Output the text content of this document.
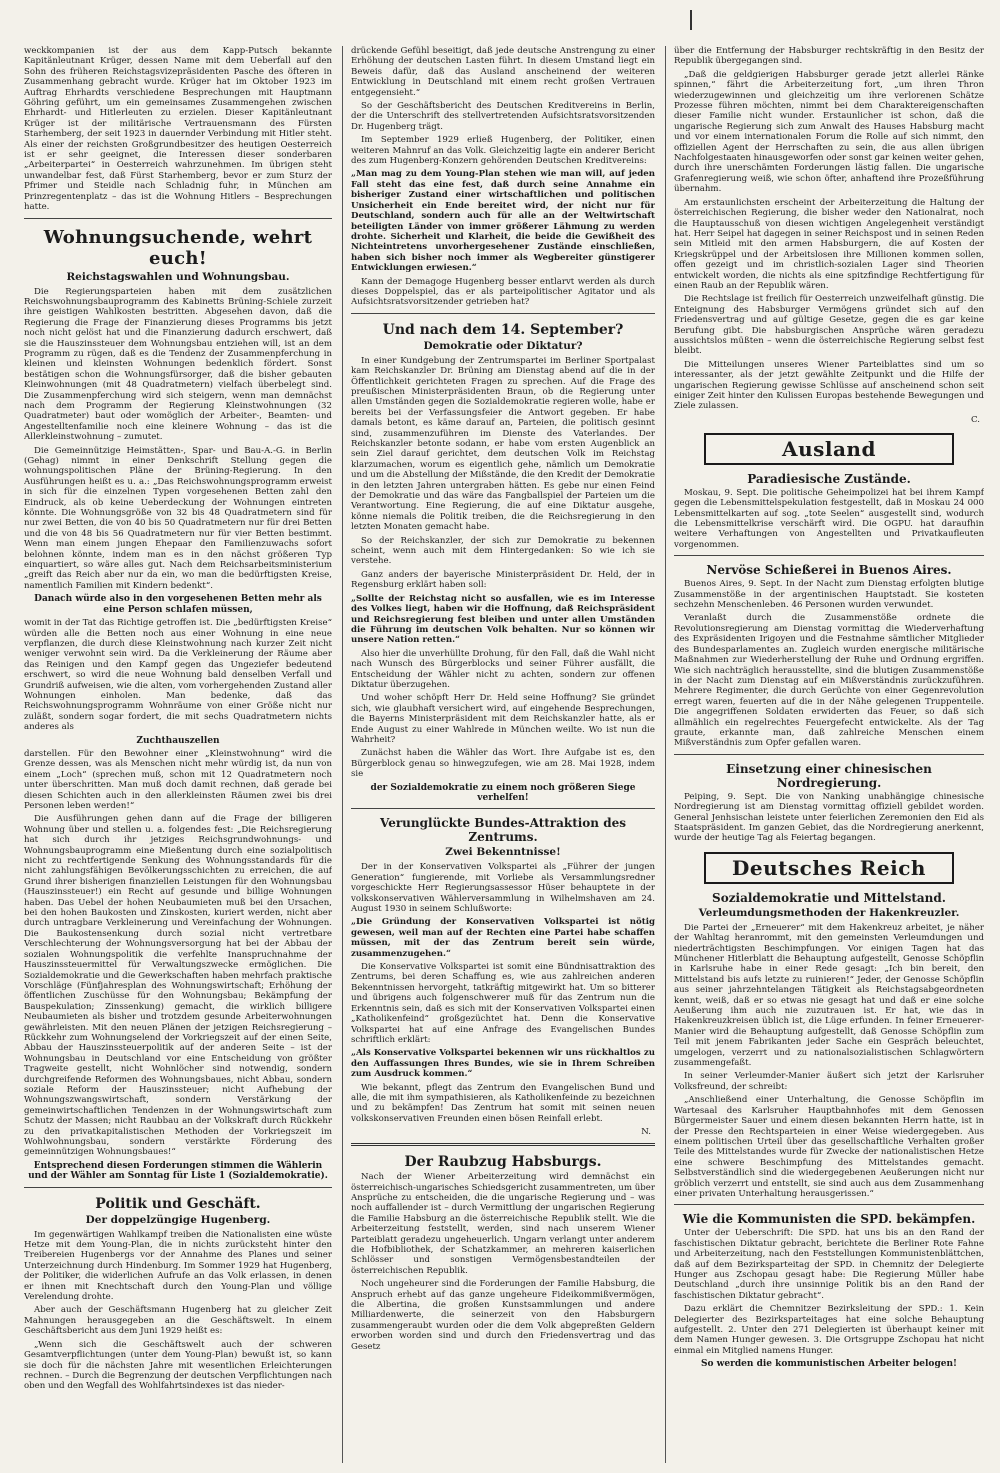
weckkompanien ist der aus dem Kapp-Putsch bekannte Kapitänleutnant Krüger, dessen Name mit dem Ueberfall auf den Sohn des früheren Reichstagsvizepräsidenten Pasche des öfteren in Zusammenhang gebracht wurde. Krüger hat im Oktober 1923 im Auftrag Ehrhardts verschiedene Besprechungen mit Hauptmann Göhring geführt, um ein gemeinsames Zusammengehen zwischen Ehrhardt- und Hitlerleuten zu erzielen. Dieser Kapitänleutnant Krüger ist der militärische Vertrauensmann des Fürsten Starhemberg, der seit 1923 in dauernder Verbindung mit Hitler steht. Als einer der reichsten Großgrundbesitzer des heutigen Oesterreich ist er sehr geeignet, die Interessen dieser sonderbaren „Arbeiterpartei“ in Oesterreich wahrzunehmen. Im übrigen steht unwandelbar fest, daß Fürst Starhemberg, bevor er zum Sturz der Pfrimer und Steidle nach Schladnig fuhr, in München am Prinzregentenplatz – das ist die Wohnung Hitlers – Besprechungen hatte.

Wohnungsuchende, wehrt euch!
Reichstagswahlen und Wohnungsbau.

Die Regierungsparteien haben mit dem zusätzlichen Reichswohnungsbauprogramm des Kabinetts Brüning-Schiele zurzeit ihre geistigen Wahlkosten bestritten. Abgesehen davon, daß die Regierung die Frage der Finanzierung dieses Programms bis jetzt noch nicht gelöst hat und die Finanzierung dadurch erschwert, daß sie die Hauszinssteuer dem Wohnungsbau entziehen will, ist an dem Programm zu rügen, daß es die Tendenz der Zusammenpferchung in kleinen und kleinsten Wohnungen bedenklich fördert. Sonst bestätigen schon die Wohnungsfürsorger, daß die bisher gebauten Kleinwohnungen (mit 48 Quadratmetern) vielfach überbelegt sind. Die Zusammenpferchung wird sich steigern, wenn man demnächst nach dem Programm der Regierung Kleinstwohnungen (32 Quadratmeter) baut oder womöglich der Arbeiter-, Beamten- und Angestelltenfamilie noch eine kleinere Wohnung – das ist die Allerkleinstwohnung – zumutet.

Die Gemeinnützige Heimstätten-, Spar- und Bau-A.-G. in Berlin (Gehag) nimmt in einer Denkschrift Stellung gegen die wohnungspolitischen Pläne der Brüning-Regierung. In den Ausführungen heißt es u. a.: „Das Reichswohnungsprogramm erweist in sich für die einzelnen Typen vorgesehenen Betten zahl den Eindruck, als ob keine Ueberdeckung der Wohnungen eintreten könnte. Die Wohnungsgröße von 32 bis 48 Quadratmetern sind für nur zwei Betten, die von 40 bis 50 Quadratmetern nur für drei Betten und die von 48 bis 56 Quadratmetern nur für vier Betten bestimmt. Wenn man einem jungen Ehepaar den Familienzuwachs sofort belohnen könnte, indem man es in den nächst größeren Typ einquartiert, so wäre alles gut. Nach dem Reichsarbeitsministerium „greift das Reich aber nur da ein, wo man die bedürftigsten Kreise, namentlich Familien mit Kindern bedenkt“.

Danach würde also in den vorgesehenen Betten mehr als eine Person schlafen müssen,

womit in der Tat das Richtige getroffen ist. Die „bedürftigsten Kreise“ würden alle die Betten noch aus einer Wohnung in eine neue verpflanzen, die durch diese Kleinstwohnung nach kurzer Zeit nicht weniger verwohnt sein wird. Da die Verkleinerung der Räume aber das Reinigen und den Kampf gegen das Ungeziefer bedeutend erschwert, so wird die neue Wohnung bald denselben Verfall und Grundriß aufweisen, wie die alten, vom vorhergehenden Zustand aller Wohnungen einholen. Man bedenke, daß das Reichswohnungsprogramm Wohnräume von einer Größe nicht nur zuläßt, sondern sogar fordert, die mit sechs Quadratmetern nichts anderes als

Zuchthauszellen

darstellen. Für den Bewohner einer „Kleinstwohnung“ wird die Grenze dessen, was als Menschen nicht mehr würdig ist, da nun von einem „Loch“ (sprechen muß, schon mit 12 Quadratmetern noch unter überschritten. Man muß doch damit rechnen, daß gerade bei diesen Schichten auch in den allerkleinsten Räumen zwei bis drei Personen leben werden!“

Die Ausführungen gehen dann auf die Frage der billigeren Wohnung über und stellen u. a. folgendes fest: „Die Reichsregierung hat sich durch ihr jetziges Reichsgrundwohnungs- und Wohnungsbauprogramm eine Mießentung durch eine sozialpolitisch nicht zu rechtfertigende Senkung des Wohnungsstandards für die nicht zahlungsfähigen Bevölkerungsschichten zu erreichen, die auf Grund ihrer bisherigen finanziellen Leistungen für den Wohnungsbau (Hauszinssteuer!) ein Recht auf gesunde und billige Wohnungen haben. Das Uebel der hohen Neubaumieten muß bei den Ursachen, bei den hohen Baukosten und Zinskosten, kuriert werden, nicht aber durch untragbare Verkleinerung und Vereinfachung der Wohnungen. Die Baukostensenkung durch sozial nicht vertretbare Verschlechterung der Wohnungsversorgung hat bei der Abbau der sozialen Wohnungspolitik die verfehlte Inanspruchnahme der Hauszinssteuermittel für Verwaltungszwecke ermöglichen. Die Sozialdemokratie und die Gewerkschaften haben mehrfach praktische Vorschläge (Fünfjahresplan des Wohnungswirtschaft; Erhöhung der öffentlichen Zuschüsse für den Wohnungsbau; Bekämpfung der Bauspekulation; Zinssenkung) gemacht, die wirklich billigere Neubaumieten als bisher und trotzdem gesunde Arbeiterwohnungen gewährleisten. Mit den neuen Plänen der jetzigen Reichsregierung – Rückkehr zum Wohnungselend der Vorkriegszeit auf der einen Seite, Abbau der Hauszinssteuerpolitik auf der anderen Seite – ist der Wohnungsbau in Deutschland vor eine Entscheidung von größter Tragweite gestellt, nicht Wohnlöcher sind notwendig, sondern durchgreifende Reformen des Wohnungsbaues, nicht Abbau, sondern soziale Reform der Hauszinssteuer; nicht Aufhebung der Wohnungszwangswirtschaft, sondern Verstärkung der gemeinwirtschaftlichen Tendenzen in der Wohnungswirtschaft zum Schutz der Massen; nicht Raubbau an der Volkskraft durch Rückkehr zu den privatkapitalistischen Methoden der Vorkriegszeit im Wohlwohnungsbau, sondern verstärkte Förderung des gemeinnützigen Wohnungsbaues!“

Entsprechend diesen Forderungen stimmen die Wählerin und der Wähler am Sonntag für Liste 1 (Sozialdemokratie).

Politik und Geschäft.
Der doppelzüngige Hugenberg.

Im gegenwärtigen Wahlkampf treiben die Nationalisten eine wüste Hetze mit dem Young-Plan, die in nichts zurücksteht hinter den Treibereien Hugenbergs vor der Annahme des Planes und seiner Unterzeichnung durch Hindenburg. Im Sommer 1929 hat Hugenberg, der Politiker, die widerlichen Aufrufe an das Volk erlassen, in denen er ihnen mit Knechtschaft durch den Young-Plan und völlige Verelendung drohte.

Aber auch der Geschäftsmann Hugenberg hat zu gleicher Zeit Mahnungen herausgegeben an die Geschäftswelt. In einem Geschäftsbericht aus dem Juni 1929 heißt es:

„Wenn sich die Geschäftswelt auch der schweren Gesamtverpflichtungen (unter dem Young-Plan) bewußt ist, so kann sie doch für die nächsten Jahre mit wesentlichen Erleichterungen rechnen. – Durch die Begrenzung der deutschen Verpflichtungen nach oben und den Wegfall des Wohlfahrtsindexes ist das nieder-

drückende Gefühl beseitigt, daß jede deutsche Anstrengung zu einer Erhöhung der deutschen Lasten führt. In diesem Umstand liegt ein Beweis dafür, daß das Ausland anscheinend der weiteren Entwicklung in Deutschland mit einem recht großen Vertrauen entgegensieht.“

So der Geschäftsbericht des Deutschen Kreditvereins in Berlin, der die Unterschrift des stellvertretenden Aufsichtsratsvorsitzenden Dr. Hugenberg trägt.

Im September 1929 erließ Hugenberg, der Politiker, einen weiteren Mahnruf an das Volk. Gleichzeitig lagte ein anderer Bericht des zum Hugenberg-Konzern gehörenden Deutschen Kreditvereins:

„Man mag zu dem Young-Plan stehen wie man will, auf jeden Fall steht das eine fest, daß durch seine Annahme ein bisheriger Zustand einer wirtschaftlichen und politischen Unsicherheit ein Ende bereitet wird, der nicht nur für Deutschland, sondern auch für alle an der Weltwirtschaft beteiligten Länder von immer größerer Lähmung zu werden drohte. Sicherheit und Klarheit, die beide die Gewißheit des Nichteintretens unvorhergesehener Zustände einschließen, haben sich bisher noch immer als Wegbereiter günstigerer Entwicklungen erwiesen.“

Kann der Demagoge Hugenberg besser entlarvt werden als durch dieses Doppelspiel, das er als parteipolitischer Agitator und als Aufsichtsratsvorsitzender getrieben hat?

Und nach dem 14. September?
Demokratie oder Diktatur?

In einer Kundgebung der Zentrumspartei im Berliner Sportpalast kam Reichskanzler Dr. Brüning am Dienstag abend auf die in der Öffentlichkeit gerichteten Fragen zu sprechen. Auf die Frage des preußischen Ministerpräsidenten Braun, ob die Regierung unter allen Umständen gegen die Sozialdemokratie regieren wolle, habe er bereits bei der Verfassungsfeier die Antwort gegeben. Er habe damals betont, es käme darauf an, Parteien, die politisch gesinnt sind, zusammenzuführen im Dienste des Vaterlandes. Der Reichskanzler betonte sodann, er habe vom ersten Augenblick an sein Ziel darauf gerichtet, dem deutschen Volk im Reichstag klarzumachen, worum es eigentlich gehe, nämlich um Demokratie und um die Abstellung der Mißstände, die den Kredit der Demokratie in den letzten Jahren untergraben hätten. Es gebe nur einen Feind der Demokratie und das wäre das Fangballspiel der Parteien um die Verantwortung. Eine Regierung, die auf eine Diktatur ausgehe, könne niemals die Politik treiben, die die Reichsregierung in den letzten Monaten gemacht habe.

So der Reichskanzler, der sich zur Demokratie zu bekennen scheint, wenn auch mit dem Hintergedanken: So wie ich sie verstehe.

Ganz anders der bayerische Ministerpräsident Dr. Held, der in Regensburg erklärt haben soll:

„Sollte der Reichstag nicht so ausfallen, wie es im Interesse des Volkes liegt, haben wir die Hoffnung, daß Reichspräsident und Reichsregierung fest bleiben und unter allen Umständen die Führung im deutschen Volk behalten. Nur so können wir unsere Nation retten.“

Also hier die unverhüllte Drohung, für den Fall, daß die Wahl nicht nach Wunsch des Bürgerblocks und seiner Führer ausfällt, die Entscheidung der Wähler nicht zu achten, sondern zur offenen Diktatur überzugehen.

Und woher schöpft Herr Dr. Held seine Hoffnung? Sie gründet sich, wie glaubhaft versichert wird, auf eingehende Besprechungen, die Bayerns Ministerpräsident mit dem Reichskanzler hatte, als er Ende August zu einer Wahlrede in München weilte. Wo ist nun die Wahrheit?

Zunächst haben die Wähler das Wort. Ihre Aufgabe ist es, den Bürgerblock genau so hinwegzufegen, wie am 28. Mai 1928, indem sie

der Sozialdemokratie zu einem noch größeren Siege verhelfen!

Verunglückte Bundes-Attraktion des Zentrums.
Zwei Bekenntnisse!

Der in der Konservativen Volkspartei als „Führer der jungen Generation“ fungierende, mit Vorliebe als Versammlungsredner vorgeschickte Herr Regierungsassessor Hüser behauptete in der volkskonservativen Wählerversammlung in Wilhelmshaven am 24. August 1930 in seinem Schlußworte:

„Die Gründung der Konservativen Volkspartei ist nötig gewesen, weil man auf der Rechten eine Partei habe schaffen müssen, mit der das Zentrum bereit sein würde, zusammenzugehen.“

Die Konservative Volkspartei ist somit eine Bündnisattraktion des Zentrums, bei deren Schaffung es, wie aus zahlreichen anderen Bekenntnissen hervorgeht, tatkräftig mitgewirkt hat. Um so bitterer und übrigens auch folgenschwerer muß für das Zentrum nun die Erkenntnis sein, daß es sich mit der Konservativen Volkspartei einen „Katholikenfeind“ großgezüchtet hat. Denn die Konservative Volkspartei hat auf eine Anfrage des Evangelischen Bundes schriftlich erklärt:

„Als Konservative Volkspartei bekennen wir uns rückhaltlos zu den Auffassungen Ihres Bundes, wie sie in Ihrem Schreiben zum Ausdruck kommen.“

Wie bekannt, pflegt das Zentrum den Evangelischen Bund und alle, die mit ihm sympathisieren, als Katholikenfeinde zu bezeichnen und zu bekämpfen! Das Zentrum hat somit mit seinen neuen volkskonservativen Freunden einen bösen Reinfall erlebt.

N.
Der Raubzug Habsburgs.

Nach der Wiener Arbeiterzeitung wird demnächst ein österreichisch-ungarisches Schiedsgericht zusammentreten, um über Ansprüche zu entscheiden, die die ungarische Regierung und – was noch auffallender ist – durch Vermittlung der ungarischen Regierung die Familie Habsburg an die österreichische Republik stellt. Wie die Arbeiterzeitung feststellt, werden, sind nach unserem Wiener Parteiblatt geradezu ungeheuerlich. Ungarn verlangt unter anderem die Hofbibliothek, der Schatzkammer, an mehreren kaiserlichen Schlösser und sonstigen Vermögensbestandteilen der österreichischen Republik.

Noch ungeheurer sind die Forderungen der Familie Habsburg, die Anspruch erhebt auf das ganze ungeheure Fideikommißvermögen, die Albertina, die großen Kunstsammlungen und andere Milliardenwerte, die seinerzeit von den Habsburgern zusammengeraubt wurden oder die dem Volk abgepreßten Geldern erworben worden sind und durch den Friedensvertrag und das Gesetz

über die Entfernung der Habsburger rechtskräftig in den Besitz der Republik übergegangen sind.

„Daß die geldgierigen Habsburger gerade jetzt allerlei Ränke spinnen,“ fährt die Arbeiterzeitung fort, „um ihren Thron wiederzugewinnen und gleichzeitig um ihre verlorenen Schätze Prozesse führen möchten, nimmt bei dem Charaktereigenschaften dieser Familie nicht wunder. Erstaunlicher ist schon, daß die ungarische Regierung sich zum Anwalt des Hauses Habsburg macht und vor einem internationalen Forum die Rolle auf sich nimmt, den offiziellen Agent der Herrschaften zu sein, die aus allen übrigen Nachfolgestaaten hinausgeworfen oder sonst gar keinen weiter gehen, durch ihre unerschämten Forderungen lästig fallen. Die ungarische Grafenregierung weiß, wie schon öfter, anhaftend ihre Prozeßführung übernahm.

Am erstaunlichsten erscheint der Arbeiterzeitung die Haltung der österreichischen Regierung, die bisher weder den Nationalrat, noch die Hauptausschuß von diesen wichtigen Angelegenheit verständigt hat. Herr Seipel hat dagegen in seiner Reichspost und in seinen Reden sein Mitleid mit den armen Habsburgern, die auf Kosten der Kriegskrüppel und der Arbeitslosen ihre Millionen kommen sollen, offen gezeigt und im christlich-sozialen Lager sind Theorien entwickelt worden, die nichts als eine spitzfindige Rechtfertigung für einen Raub an der Republik wären.

Die Rechtslage ist freilich für Oesterreich unzweifelhaft günstig. Die Enteignung des Habsburger Vermögens gründet sich auf den Friedensvertrag und auf gültige Gesetze, gegen die es gar keine Berufung gibt. Die habsburgischen Ansprüche wären geradezu aussichtslos müßten – wenn die österreichische Regierung selbst fest bleibt.

Die Mitteilungen unseres Wiener Parteiblattes sind um so interessanter, als der jetzt gewählte Zeitpunkt und die Hilfe der ungarischen Regierung gewisse Schlüsse auf anscheinend schon seit einiger Zeit hinter den Kulissen Europas bestehende Bewegungen und Ziele zulassen.

C.
Ausland
Paradiesische Zustände.

Moskau, 9. Sept. Die politische Geheimpolizei hat bei ihrem Kampf gegen die Lebensmittelspekulation festgestellt, daß in Moskau 24 000 Lebensmittelkarten auf sog. „tote Seelen“ ausgestellt sind, wodurch die Lebensmittelkrise verschärft wird. Die OGPU. hat daraufhin weitere Verhaftungen von Angestellten und Privatkaufleuten vorgenommen.

Nervöse Schießerei in Buenos Aires.

Buenos Aires, 9. Sept. In der Nacht zum Dienstag erfolgten blutige Zusammenstöße in der argentinischen Hauptstadt. Sie kosteten sechzehn Menschenleben. 46 Personen wurden verwundet.

Veranlaßt durch die Zusammenstöße ordnete die Revolutionsregierung am Dienstag vormittag die Wiederverhaftung des Expräsidenten Irigoyen und die Festnahme sämtlicher Mitglieder des Bundesparlamentes an. Zugleich wurden energische militärische Maßnahmen zur Wiederherstellung der Ruhe und Ordnung ergriffen. Wie sich nachträglich herausstellte, sind die blutigen Zusammenstöße in der Nacht zum Dienstag auf ein Mißverständnis zurückzuführen. Mehrere Regimenter, die durch Gerüchte von einer Gegenrevolution erregt waren, feuerten auf die in der Nähe gelegenen Truppenteile. Die angegriffenen Soldaten erwiderten das Feuer, so daß sich allmählich ein regelrechtes Feuergefecht entwickelte. Als der Tag graute, erkannte man, daß zahlreiche Menschen einem Mißverständnis zum Opfer gefallen waren.

Einsetzung einer chinesischen Nordregierung.

Peiping, 9. Sept. Die von Nanking unabhängige chinesische Nordregierung ist am Dienstag vormittag offiziell gebildet worden. General Jenhsischan leistete unter feierlichen Zeremonien den Eid als Staatspräsident. Im ganzen Gebiet, das die Nordregierung anerkennt, wurde der heutige Tag als Feiertag begangen.

Deutsches Reich
Sozialdemokratie und Mittelstand.
Verleumdungsmethoden der Hakenkreuzler.

Die Partei der „Erneuerer“ mit dem Hakenkreuz arbeitet, je näher der Wahltag heranrommt, mit den gemeinsten Verleumdungen und niederträchtigsten Beschimpfungen. Vor einigen Tagen hat das Münchener Hitlerblatt die Behauptung aufgestellt, Genosse Schöpflin in Karlsruhe habe in einer Rede gesagt: „Ich bin bereit, den Mittelstand bis aufs letzte zu ruinieren!“ Jeder, der Genosse Schöpflin aus seiner jahrzehntelangen Tätigkeit als Reichstagsabgeordneten kennt, weiß, daß er so etwas nie gesagt hat und daß er eine solche Aeußerung ihm auch nie zuzutrauen ist. Er hat, wie das in Hakenkreuzkreisen üblich ist, die Lüge erfunden. In feiner Erneuerer-Manier wird die Behauptung aufgestellt, daß Genosse Schöpflin zum Teil mit jenem Fabrikanten jeder Sache ein Gespräch beleuchtet, umgelogen, verzerrt und zu nationalsozialistischen Schlagwörtern zusammengefaßt.

In seiner Verleumder-Manier äußert sich jetzt der Karlsruher Volksfreund, der schreibt:

„Anschließend einer Unterhaltung, die Genosse Schöpflin im Wartesaal des Karlsruher Hauptbahnhofes mit dem Genossen Bürgermeister Sauer und einem diesen bekannten Herrn hatte, ist in der Presse den Rechtsparteien in einer Weise wiedergegeben. Aus einem politischen Urteil über das gesellschaftliche Verhalten großer Teile des Mittelstandes wurde für Zwecke der nationalistischen Hetze eine schwere Beschimpfung des Mittelstandes gemacht. Selbstverständlich sind die wiedergegebenen Aeußerungen nicht nur gröblich verzerrt und entstellt, sie sind auch aus dem Zusammenhang einer privaten Unterhaltung herausgerissen.“

Wie die Kommunisten die SPD. bekämpfen.

Unter der Ueberschrift: Die SPD. hat uns bis an den Rand der faschistischen Diktatur gebracht, berichtete die Berliner Rote Fahne und Arbeiterzeitung, nach den Feststellungen Kommunistenblättchen, daß auf dem Bezirksparteitag der SPD. in Chemnitz der Delegierte Hunger aus Zschopau gesagt habe: Die Regierung Müller habe Deutschland „durch ihre unsinnige Politik bis an den Rand der faschistischen Diktatur gebracht“.

Dazu erklärt die Chemnitzer Bezirksleitung der SPD.: 1. Kein Delegierter des Bezirksparteitages hat eine solche Behauptung aufgestellt. 2. Unter den 271 Delegierten ist überhaupt keiner mit dem Namen Hunger gewesen. 3. Die Ortsgruppe Zschopau hat nicht einmal ein Mitglied namens Hunger.

So werden die kommunistischen Arbeiter belogen!
